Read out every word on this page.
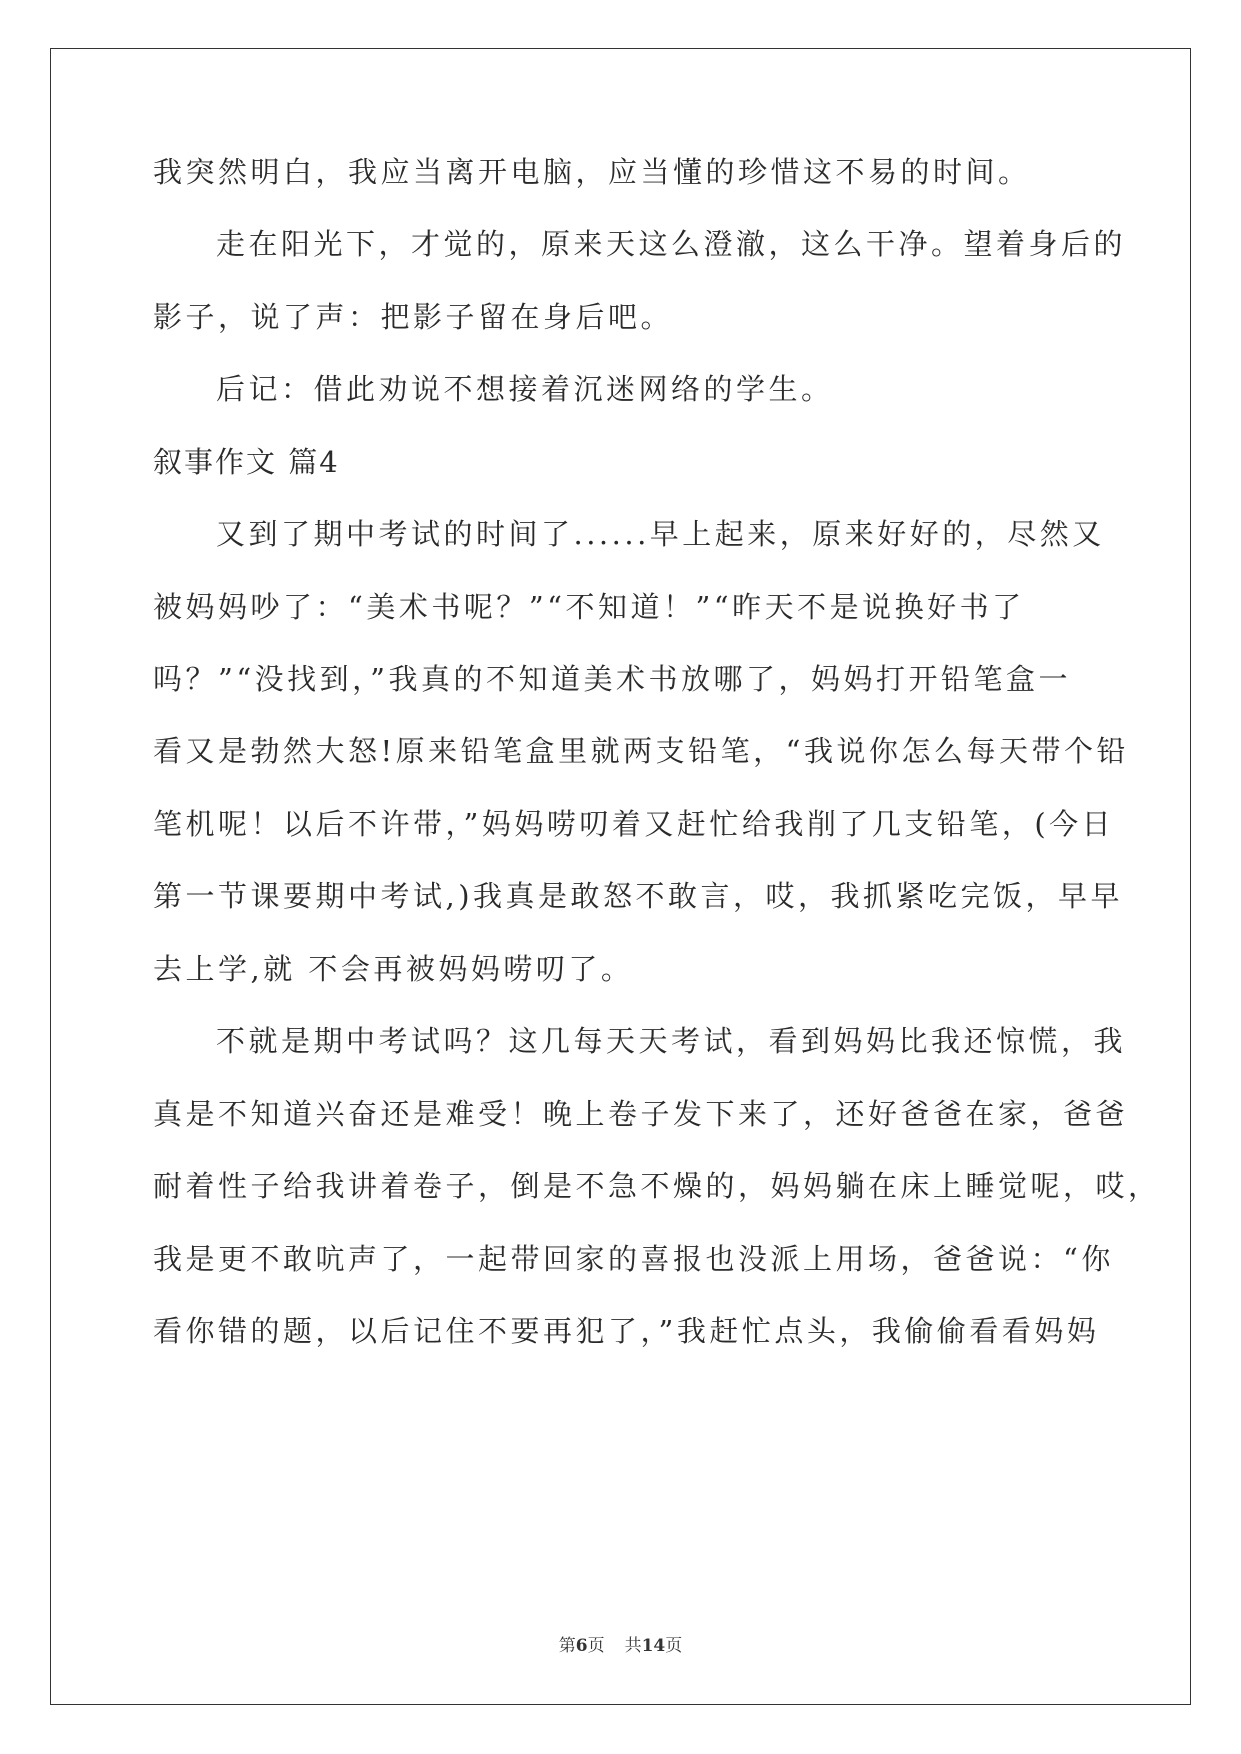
我突然明白，我应当离开电脑，应当懂的珍惜这不易的时间。
走在阳光下，才觉的，原来天这么澄澈，这么干净。望着身后的
影子，说了声：把影子留在身后吧。
后记：借此劝说不想接着沉迷网络的学生。
叙事作文 篇4
又到了期中考试的时间了......早上起来，原来好好的，尽然又
被妈妈吵了：“美术书呢？”“不知道！”“昨天不是说换好书了
吗？”“没找到，”我真的不知道美术书放哪了，妈妈打开铅笔盒一
看又是勃然大怒!原来铅笔盒里就两支铅笔，“我说你怎么每天带个铅
笔机呢！以后不许带，”妈妈唠叨着又赶忙给我削了几支铅笔，(今日
第一节课要期中考试,)我真是敢怒不敢言，哎，我抓紧吃完饭，早早
去上学,就 不会再被妈妈唠叨了。
不就是期中考试吗？这几每天天考试，看到妈妈比我还惊慌，我
真是不知道兴奋还是难受！晚上卷子发下来了，还好爸爸在家，爸爸
耐着性子给我讲着卷子，倒是不急不燥的，妈妈躺在床上睡觉呢，哎，
我是更不敢吭声了，一起带回家的喜报也没派上用场，爸爸说：“你
看你错的题，以后记住不要再犯了，”我赶忙点头，我偷偷看看妈妈
第6页 共14页
